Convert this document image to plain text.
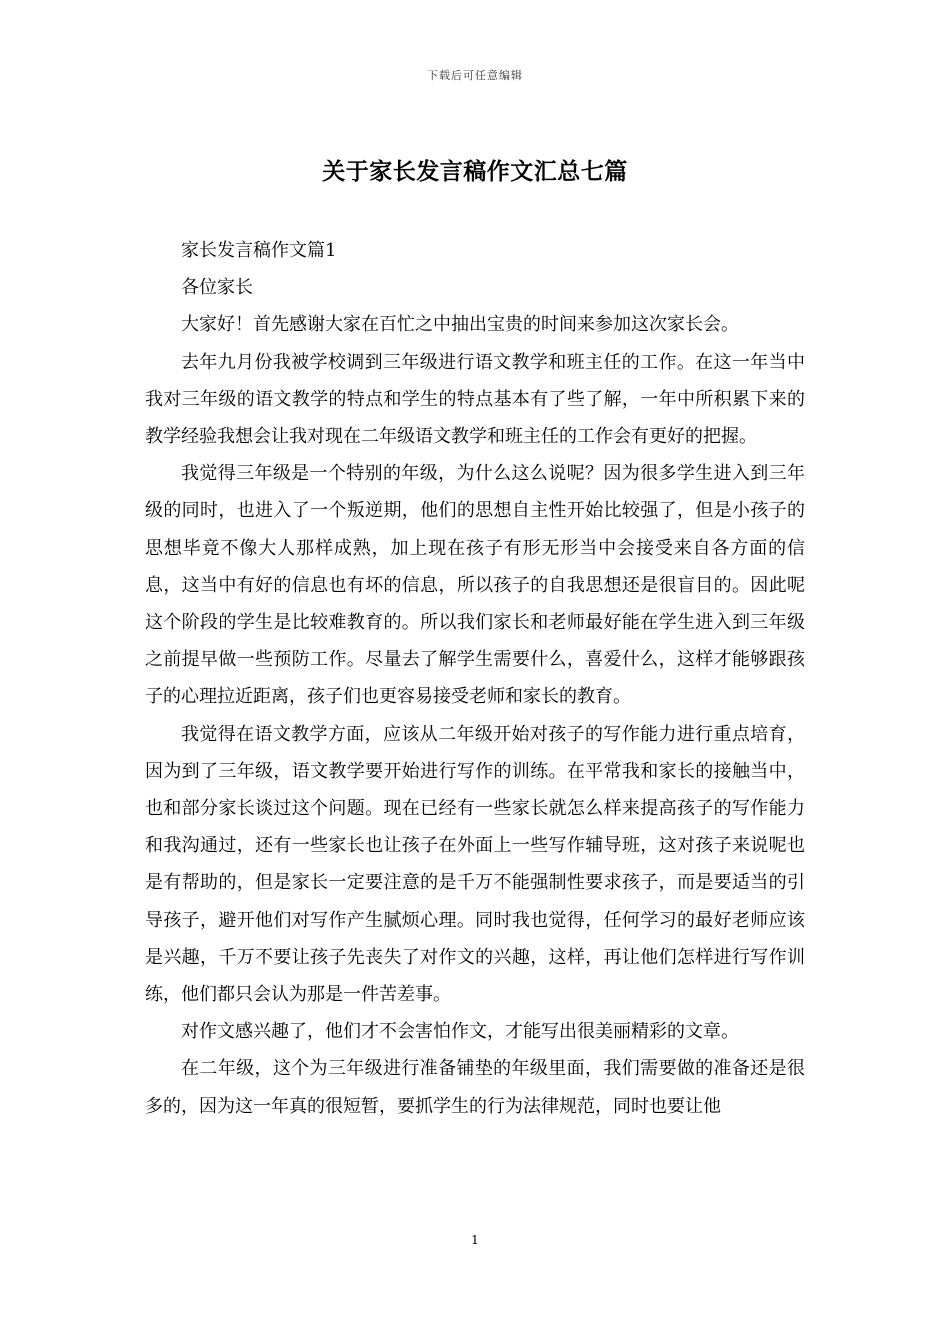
下载后可任意编辑
关于家长发言稿作文汇总七篇

家长发言稿作文篇1

各位家长

大家好！首先感谢大家在百忙之中抽出宝贵的时间来参加这次家长会。

去年九月份我被学校调到三年级进行语文教学和班主任的工作。在这一年当中我对三年级的语文教学的特点和学生的特点基本有了些了解，一年中所积累下来的教学经验我想会让我对现在二年级语文教学和班主任的工作会有更好的把握。

我觉得三年级是一个特别的年级，为什么这么说呢？因为很多学生进入到三年级的同时，也进入了一个叛逆期，他们的思想自主性开始比较强了，但是小孩子的思想毕竟不像大人那样成熟，加上现在孩子有形无形当中会接受来自各方面的信息，这当中有好的信息也有坏的信息，所以孩子的自我思想还是很盲目的。因此呢这个阶段的学生是比较难教育的。所以我们家长和老师最好能在学生进入到三年级之前提早做一些预防工作。尽量去了解学生需要什么，喜爱什么，这样才能够跟孩子的心理拉近距离，孩子们也更容易接受老师和家长的教育。

我觉得在语文教学方面，应该从二年级开始对孩子的写作能力进行重点培育，因为到了三年级，语文教学要开始进行写作的训练。在平常我和家长的接触当中，也和部分家长谈过这个问题。现在已经有一些家长就怎么样来提高孩子的写作能力和我沟通过，还有一些家长也让孩子在外面上一些写作辅导班，这对孩子来说呢也是有帮助的，但是家长一定要注意的是千万不能强制性要求孩子，而是要适当的引导孩子，避开他们对写作产生腻烦心理。同时我也觉得，任何学习的最好老师应该是兴趣，千万不要让孩子先丧失了对作文的兴趣，这样，再让他们怎样进行写作训练，他们都只会认为那是一件苦差事。

对作文感兴趣了，他们才不会害怕作文，才能写出很美丽精彩的文章。

在二年级，这个为三年级进行准备铺垫的年级里面，我们需要做的准备还是很多的，因为这一年真的很短暂，要抓学生的行为法律规范，同时也要让他

1
